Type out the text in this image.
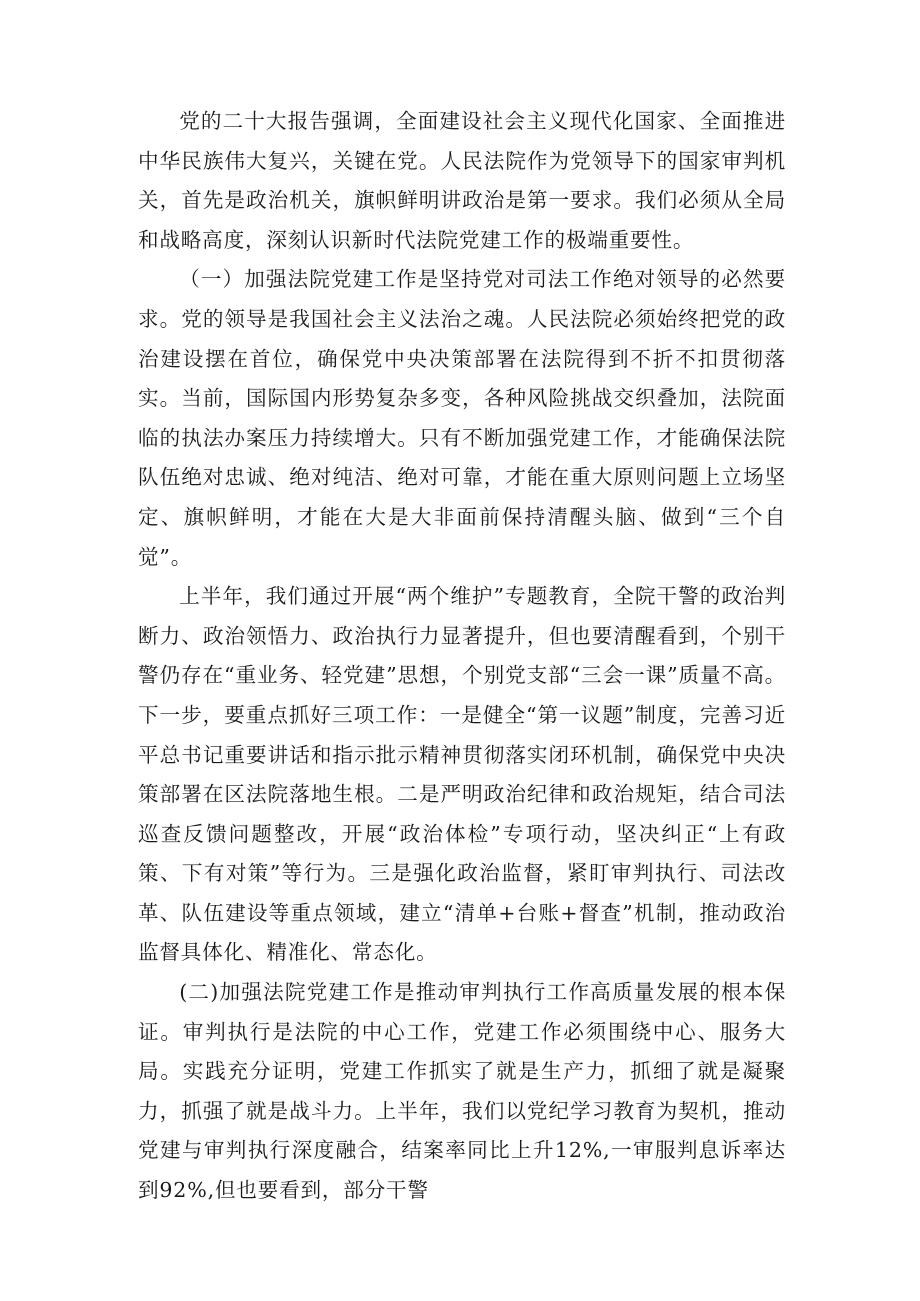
党的二十大报告强调，全面建设社会主义现代化国家、全面推进中华民族伟大复兴，关键在党。人民法院作为党领导下的国家审判机关，首先是政治机关，旗帜鲜明讲政治是第一要求。我们必须从全局和战略高度，深刻认识新时代法院党建工作的极端重要性。

（一）加强法院党建工作是坚持党对司法工作绝对领导的必然要求。党的领导是我国社会主义法治之魂。人民法院必须始终把党的政治建设摆在首位，确保党中央决策部署在法院得到不折不扣贯彻落实。当前，国际国内形势复杂多变，各种风险挑战交织叠加，法院面临的执法办案压力持续增大。只有不断加强党建工作，才能确保法院队伍绝对忠诚、绝对纯洁、绝对可靠，才能在重大原则问题上立场坚定、旗帜鲜明，才能在大是大非面前保持清醒头脑、做到“三个自觉”。

上半年，我们通过开展“两个维护”专题教育，全院干警的政治判断力、政治领悟力、政治执行力显著提升，但也要清醒看到，个别干警仍存在“重业务、轻党建”思想，个别党支部“三会一课”质量不高。下一步，要重点抓好三项工作：一是健全“第一议题”制度，完善习近平总书记重要讲话和指示批示精神贯彻落实闭环机制，确保党中央决策部署在区法院落地生根。二是严明政治纪律和政治规矩，结合司法巡查反馈问题整改，开展“政治体检”专项行动，坚决纠正“上有政策、下有对策”等行为。三是强化政治监督，紧盯审判执行、司法改革、队伍建设等重点领域，建立“清单+台账+督查”机制，推动政治监督具体化、精准化、常态化。

(二)加强法院党建工作是推动审判执行工作高质量发展的根本保证。审判执行是法院的中心工作，党建工作必须围绕中心、服务大局。实践充分证明，党建工作抓实了就是生产力，抓细了就是凝聚力，抓强了就是战斗力。上半年，我们以党纪学习教育为契机，推动党建与审判执行深度融合，结案率同比上升12%,一审服判息诉率达到92%,但也要看到，部分干警
